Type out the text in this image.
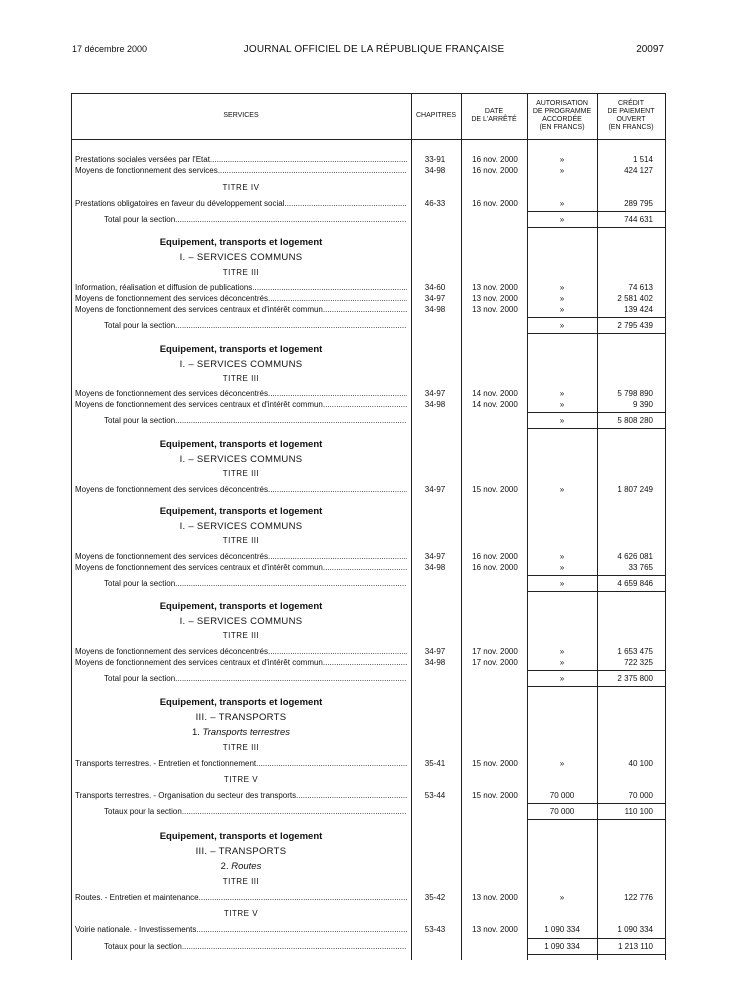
17 décembre 2000	JOURNAL OFFICIEL DE LA RÉPUBLIQUE FRANÇAISE	20097
SERVICES	CHAPITRES
DATE
DE L'ARRÊTÉ
AUTORISATION
DE PROGRAMME
ACCORDÉE
(EN FRANCS)
CRÉDIT
DE PAIEMENT
OUVERT
(EN FRANCS)
Prestations sociales versées par l'Etat .....	33-91	16 nov. 2000	»	1 514
Moyens de fonctionnement des services .....	34-98	16 nov. 2000	»	424 127
TITRE IV
Prestations obligatoires en faveur du développement social .....	46-33	16 nov. 2000	»	289 795
Total pour la section .....	»	744 631
Equipement, transports et logement
I. – SERVICES COMMUNS
TITRE III
Information, réalisation et diffusion de publications .....	34-60	13 nov. 2000	»	74 613
Moyens de fonctionnement des services déconcentrés .....	34-97	13 nov. 2000	»	2 581 402
Moyens de fonctionnement des services centraux et d'intérêt commun .....	34-98	13 nov. 2000	»	139 424
Total pour la section .....	»	2 795 439
Equipement, transports et logement
I. – SERVICES COMMUNS
TITRE III
Moyens de fonctionnement des services déconcentrés .....	34-97	14 nov. 2000	»	5 798 890
Moyens de fonctionnement des services centraux et d'intérêt commun .....	34-98	14 nov. 2000	»	9 390
Total pour la section .....	»	5 808 280
Equipement, transports et logement
I. – SERVICES COMMUNS
TITRE III
Moyens de fonctionnement des services déconcentrés .....	34-97	15 nov. 2000	»	1 807 249
Equipement, transports et logement
I. – SERVICES COMMUNS
TITRE III
Moyens de fonctionnement des services déconcentrés .....	34-97	16 nov. 2000	»	4 626 081
Moyens de fonctionnement des services centraux et d'intérêt commun .....	34-98	16 nov. 2000	»	33 765
Total pour la section .....	»	4 659 846
Equipement, transports et logement
I. – SERVICES COMMUNS
TITRE III
Moyens de fonctionnement des services déconcentrés .....	34-97	17 nov. 2000	»	1 653 475
Moyens de fonctionnement des services centraux et d'intérêt commun .....	34-98	17 nov. 2000	»	722 325
Total pour la section .....	»	2 375 800
Equipement, transports et logement
III. – TRANSPORTS
1. Transports terrestres
TITRE III
Transports terrestres. - Entretien et fonctionnement .....	35-41	15 nov. 2000	»	40 100
TITRE V
Transports terrestres. - Organisation du secteur des transports .....	53-44	15 nov. 2000	70 000	70 000
Totaux pour la section .....	70 000	110 100
Equipement, transports et logement
III. – TRANSPORTS
2. Routes
TITRE III
Routes. - Entretien et maintenance .....	35-42	13 nov. 2000	»	122 776
TITRE V
Voirie nationale. - Investissements .....	53-43	13 nov. 2000	1 090 334	1 090 334
Totaux pour la section .....	1 090 334	1 213 110
